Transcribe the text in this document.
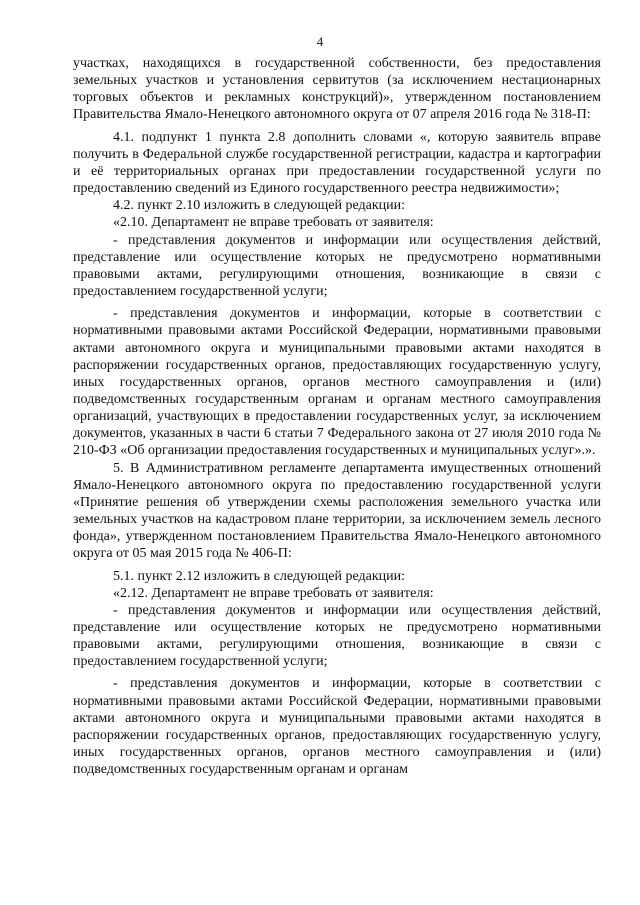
4

участках, находящихся в государственной собственности, без предоставления земельных участков и установления сервитутов (за исключением нестационарных торговых объектов и рекламных конструкций)», утвержденном постановлением Правительства Ямало-Ненецкого автономного округа от 07 апреля 2016 года № 318-П:

4.1. подпункт 1 пункта 2.8 дополнить словами «, которую заявитель вправе получить в Федеральной службе государственной регистрации, кадастра и картографии и её территориальных органах при предоставлении государственной услуги по предоставлению сведений из Единого государственного реестра недвижимости»;

4.2. пункт 2.10 изложить в следующей редакции:

«2.10. Департамент не вправе требовать от заявителя:

- представления документов и информации или осуществления действий, представление или осуществление которых не предусмотрено нормативными правовыми актами, регулирующими отношения, возникающие в связи с предоставлением государственной услуги;

- представления документов и информации, которые в соответствии с нормативными правовыми актами Российской Федерации, нормативными правовыми актами автономного округа и муниципальными правовыми актами находятся в распоряжении государственных органов, предоставляющих государственную услугу, иных государственных органов, органов местного самоуправления и (или) подведомственных государственным органам и органам местного самоуправления организаций, участвующих в предоставлении государственных услуг, за исключением документов, указанных в части 6 статьи 7 Федерального закона от 27 июля 2010 года № 210-ФЗ «Об организации предоставления государственных и муниципальных услуг».».

5. В Административном регламенте департамента имущественных отношений Ямало-Ненецкого автономного округа по предоставлению государственной услуги «Принятие решения об утверждении схемы расположения земельного участка или земельных участков на кадастровом плане территории, за исключением земель лесного фонда», утвержденном постановлением Правительства Ямало-Ненецкого автономного округа от 05 мая 2015 года № 406-П:

5.1. пункт 2.12 изложить в следующей редакции:

«2.12. Департамент не вправе требовать от заявителя:

- представления документов и информации или осуществления действий, представление или осуществление которых не предусмотрено нормативными правовыми актами, регулирующими отношения, возникающие в связи с предоставлением государственной услуги;

- представления документов и информации, которые в соответствии с нормативными правовыми актами Российской Федерации, нормативными правовыми актами автономного округа и муниципальными правовыми актами находятся в распоряжении государственных органов, предоставляющих государственную услугу, иных государственных органов, органов местного самоуправления и (или) подведомственных государственным органам и органам
